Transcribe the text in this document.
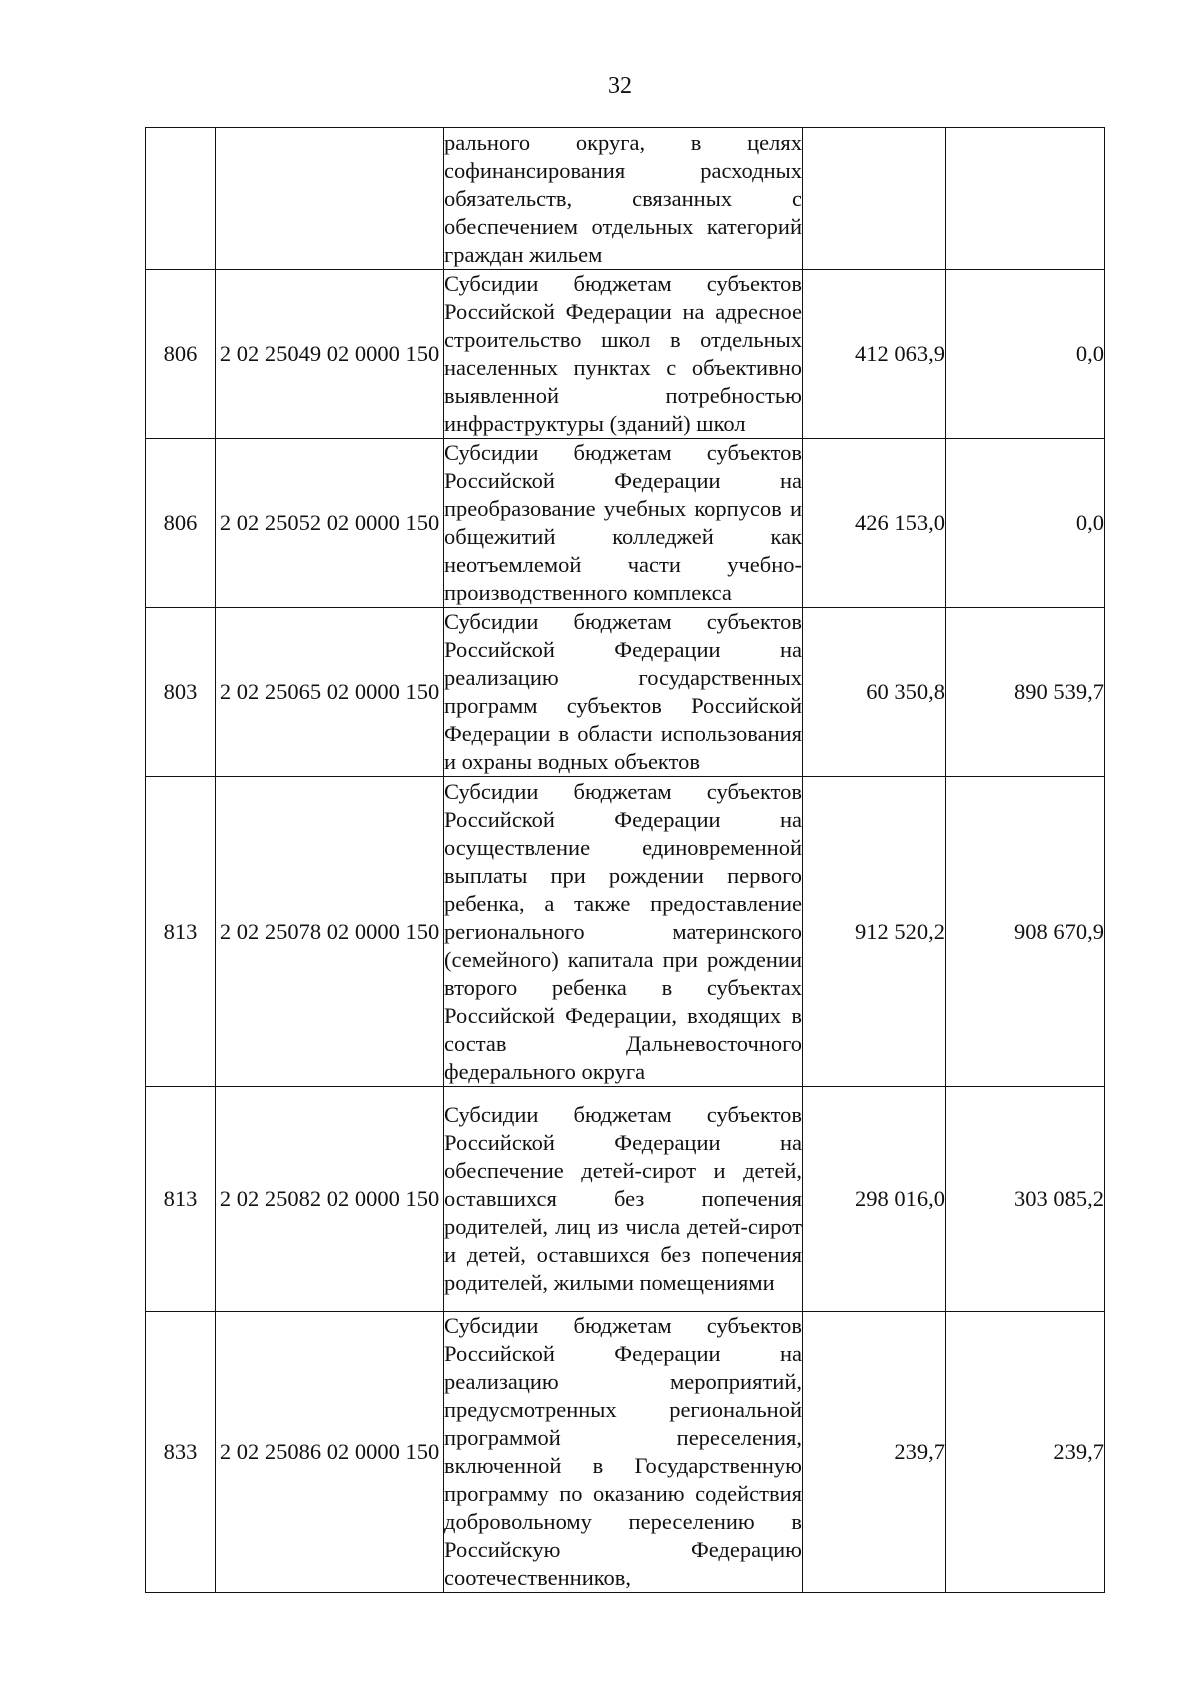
32
		рального округа, в целях софинансирования расходных обязательств, связанных с обеспечением отдельных категорий граждан жильем		
806	2 02 25049 02 0000 150	Субсидии бюджетам субъектов Российской Федерации на адресное строительство школ в отдельных населенных пунктах с объективно выявленной потребностью инфраструктуры (зданий) школ	412 063,9	0,0
806	2 02 25052 02 0000 150	Субсидии бюджетам субъектов Российской Федерации на преобразование учебных корпусов и общежитий колледжей как неотъемлемой части учебно-производственного комплекса	426 153,0	0,0
803	2 02 25065 02 0000 150	Субсидии бюджетам субъектов Российской Федерации на реализацию государственных программ субъектов Российской Федерации в области использования и охраны водных объектов	60 350,8	890 539,7
813	2 02 25078 02 0000 150	Субсидии бюджетам субъектов Российской Федерации на осуществление единовременной выплаты при рождении первого ребенка, а также предоставление регионального материнского (семейного) капитала при рождении второго ребенка в субъектах Российской Федерации, входящих в состав Дальневосточного федерального округа	912 520,2	908 670,9
813	2 02 25082 02 0000 150	Субсидии бюджетам субъектов Российской Федерации на обеспечение детей-сирот и детей, оставшихся без попечения родителей, лиц из числа детей-сирот и детей, оставшихся без попечения родителей, жилыми помещениями	298 016,0	303 085,2
833	2 02 25086 02 0000 150	Субсидии бюджетам субъектов Российской Федерации на реализацию мероприятий, предусмотренных региональной программой переселения, включенной в Государственную программу по оказанию содействия добровольному переселению в Российскую Федерацию соотечественников,	239,7	239,7
